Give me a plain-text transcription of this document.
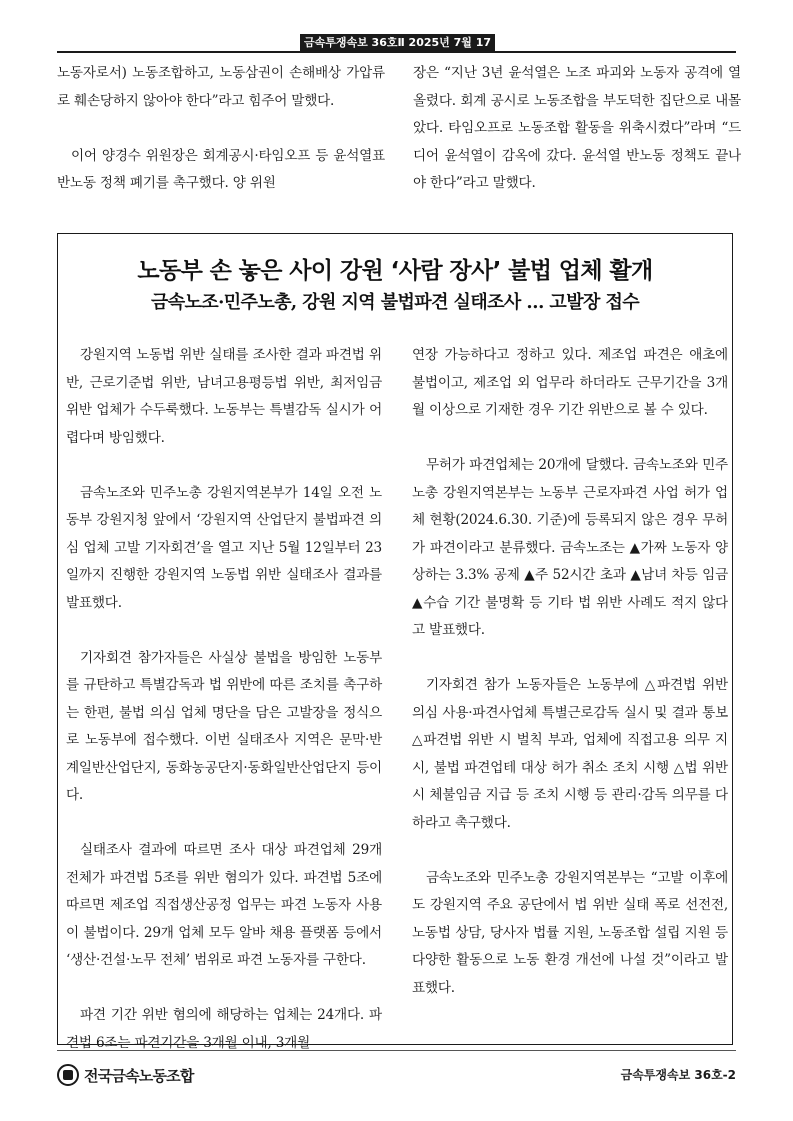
금속투쟁속보 36호Ⅱ 2025년 7월 17일

노동자로서) 노동조합하고, 노동삼권이 손해배상 가압류로 훼손당하지 않아야 한다”라고 힘주어 말했다.

이어 양경수 위원장은 회계공시·타임오프 등 윤석열표 반노동 정책 폐기를 촉구했다. 양 위원

장은 “지난 3년 윤석열은 노조 파괴와 노동자 공격에 열 올렸다. 회계 공시로 노동조합을 부도덕한 집단으로 내몰았다. 타임오프로 노동조합 활동을 위축시켰다”라며 “드디어 윤석열이 감옥에 갔다. 윤석열 반노동 정책도 끝나야 한다”라고 말했다.

노동부 손 놓은 사이 강원 ‘사람 장사’ 불법 업체 활개
금속노조·민주노총, 강원 지역 불법파견 실태조사 … 고발장 접수

강원지역 노동법 위반 실태를 조사한 결과 파견법 위반, 근로기준법 위반, 남녀고용평등법 위반, 최저임금 위반 업체가 수두룩했다. 노동부는 특별감독 실시가 어렵다며 방임했다.

금속노조와 민주노총 강원지역본부가 14일 오전 노동부 강원지청 앞에서 ‘강원지역 산업단지 불법파견 의심 업체 고발 기자회견’을 열고 지난 5월 12일부터 23일까지 진행한 강원지역 노동법 위반 실태조사 결과를 발표했다.

기자회견 참가자들은 사실상 불법을 방임한 노동부를 규탄하고 특별감독과 법 위반에 따른 조치를 촉구하는 한편, 불법 의심 업체 명단을 담은 고발장을 정식으로 노동부에 접수했다. 이번 실태조사 지역은 문막·반계일반산업단지, 동화농공단지·동화일반산업단지 등이다.

실태조사 결과에 따르면 조사 대상 파견업체 29개 전체가 파견법 5조를 위반 혐의가 있다. 파견법 5조에 따르면 제조업 직접생산공정 업무는 파견 노동자 사용이 불법이다. 29개 업체 모두 알바 채용 플랫폼 등에서 ‘생산·건설·노무 전체’ 범위로 파견 노동자를 구한다.

파견 기간 위반 혐의에 해당하는 업체는 24개다. 파견법 6조는 파견기간을 3개월 이내, 3개월

연장 가능하다고 정하고 있다. 제조업 파견은 애초에 불법이고, 제조업 외 업무라 하더라도 근무기간을 3개월 이상으로 기재한 경우 기간 위반으로 볼 수 있다.

무허가 파견업체는 20개에 달했다. 금속노조와 민주노총 강원지역본부는 노동부 근로자파견 사업 허가 업체 현황(2024.6.30. 기준)에 등록되지 않은 경우 무허가 파견이라고 분류했다. 금속노조는 ▲가짜 노동자 양상하는 3.3% 공제 ▲주 52시간 초과 ▲남녀 차등 임금 ▲수습 기간 불명확 등 기타 법 위반 사례도 적지 않다고 발표했다.

기자회견 참가 노동자들은 노동부에 △파견법 위반 의심 사용·파견사업체 특별근로감독 실시 및 결과 통보 △파견법 위반 시 벌칙 부과, 업체에 직접고용 의무 지시, 불법 파견업테 대상 허가 취소 조치 시행 △법 위반 시 체불임금 지급 등 조치 시행 등 관리·감독 의무를 다하라고 촉구했다.

금속노조와 민주노총 강원지역본부는 “고발 이후에도 강원지역 주요 공단에서 법 위반 실태 폭로 선전전, 노동법 상담, 당사자 법률 지원, 노동조합 설립 지원 등 다양한 활동으로 노동 환경 개선에 나설 것”이라고 발표했다.

전국금속노동조합	금속투쟁속보 36호-2
